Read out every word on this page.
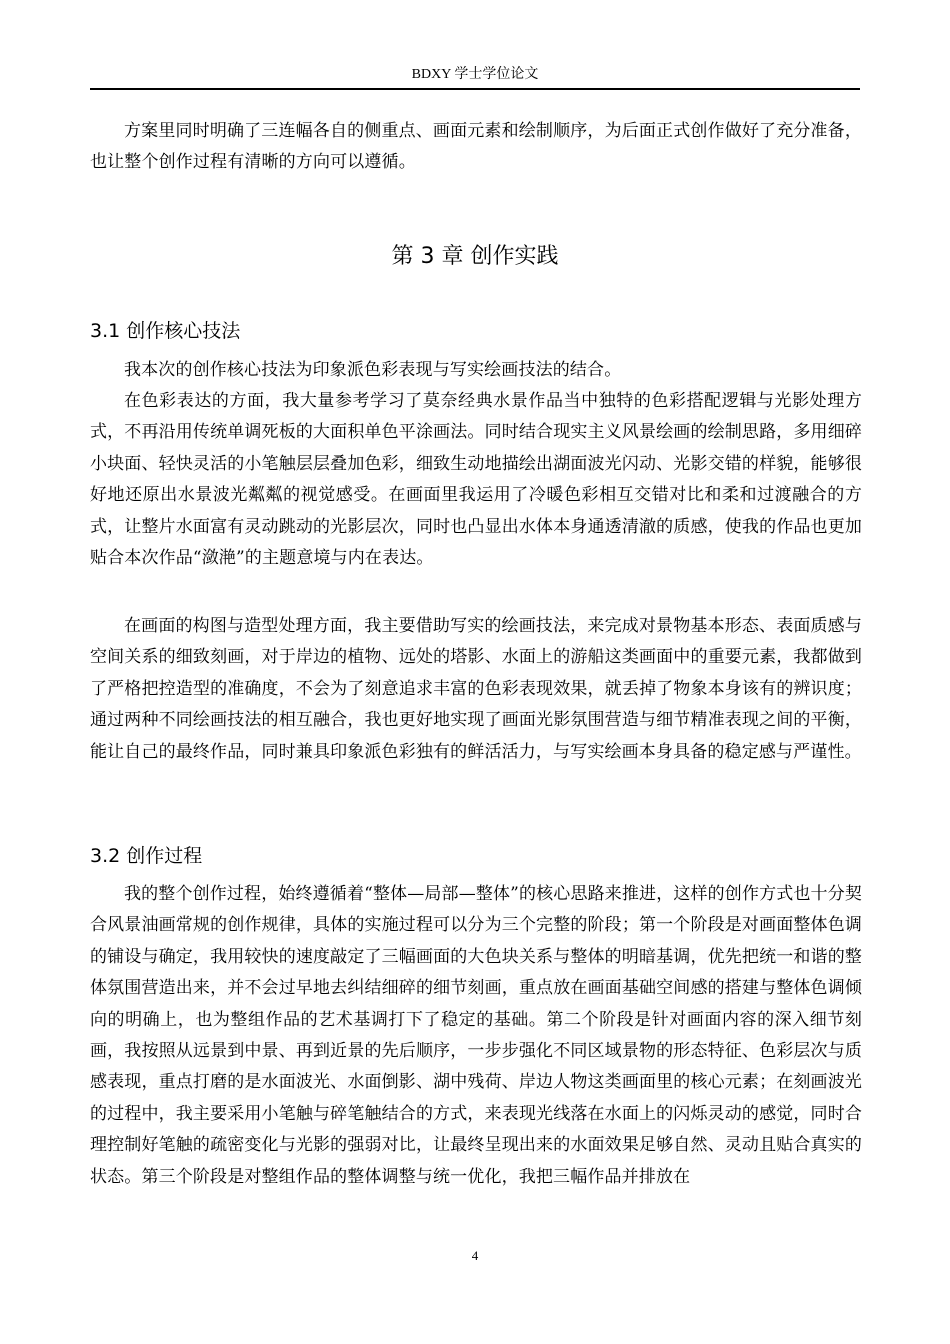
BDXY 学士学位论文

方案里同时明确了三连幅各自的侧重点、画面元素和绘制顺序，为后面正式创作做好了充分准备，也让整个创作过程有清晰的方向可以遵循。

第 3 章 创作实践
3.1 创作核心技法

我本次的创作核心技法为印象派色彩表现与写实绘画技法的结合。

在色彩表达的方面，我大量参考学习了莫奈经典水景作品当中独特的色彩搭配逻辑与光影处理方式，不再沿用传统单调死板的大面积单色平涂画法。同时结合现实主义风景绘画的绘制思路，多用细碎小块面、轻快灵活的小笔触层层叠加色彩，细致生动地描绘出湖面波光闪动、光影交错的样貌，能够很好地还原出水景波光粼粼的视觉感受。在画面里我运用了冷暖色彩相互交错对比和柔和过渡融合的方式，让整片水面富有灵动跳动的光影层次，同时也凸显出水体本身通透清澈的质感，使我的作品也更加贴合本次作品“潋滟”的主题意境与内在表达。

在画面的构图与造型处理方面，我主要借助写实的绘画技法，来完成对景物基本形态、表面质感与空间关系的细致刻画，对于岸边的植物、远处的塔影、水面上的游船这类画面中的重要元素，我都做到了严格把控造型的准确度，不会为了刻意追求丰富的色彩表现效果，就丢掉了物象本身该有的辨识度；通过两种不同绘画技法的相互融合，我也更好地实现了画面光影氛围营造与细节精准表现之间的平衡，能让自己的最终作品，同时兼具印象派色彩独有的鲜活活力，与写实绘画本身具备的稳定感与严谨性。

3.2 创作过程

我的整个创作过程，始终遵循着“整体—局部—整体”的核心思路来推进，这样的创作方式也十分契合风景油画常规的创作规律，具体的实施过程可以分为三个完整的阶段；第一个阶段是对画面整体色调的铺设与确定，我用较快的速度敲定了三幅画面的大色块关系与整体的明暗基调，优先把统一和谐的整体氛围营造出来，并不会过早地去纠结细碎的细节刻画，重点放在画面基础空间感的搭建与整体色调倾向的明确上，也为整组作品的艺术基调打下了稳定的基础。第二个阶段是针对画面内容的深入细节刻画，我按照从远景到中景、再到近景的先后顺序，一步步强化不同区域景物的形态特征、色彩层次与质感表现，重点打磨的是水面波光、水面倒影、湖中残荷、岸边人物这类画面里的核心元素；在刻画波光的过程中，我主要采用小笔触与碎笔触结合的方式，来表现光线落在水面上的闪烁灵动的感觉，同时合理控制好笔触的疏密变化与光影的强弱对比，让最终呈现出来的水面效果足够自然、灵动且贴合真实的状态。第三个阶段是对整组作品的整体调整与统一优化，我把三幅作品并排放在

4
